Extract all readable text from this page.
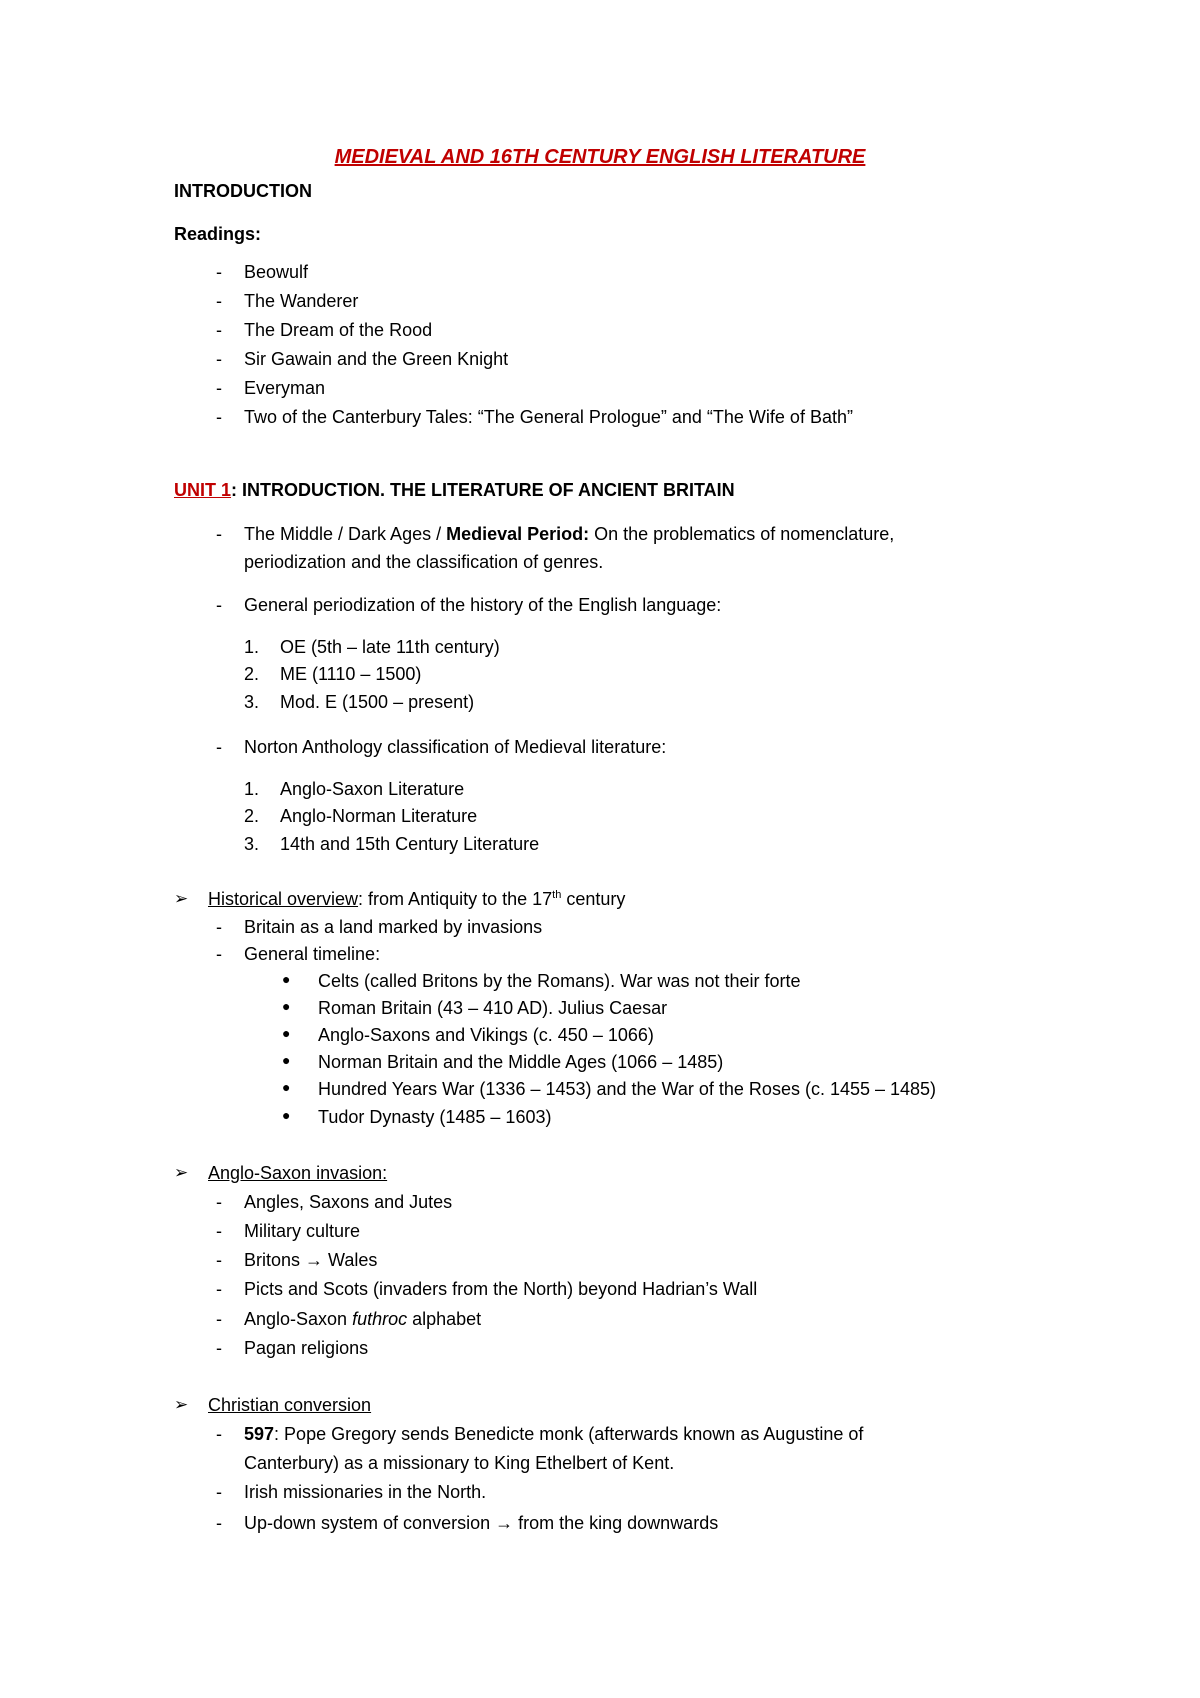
MEDIEVAL AND 16TH CENTURY ENGLISH LITERATURE
INTRODUCTION
Readings:
- Beowulf
- The Wanderer
- The Dream of the Rood
- Sir Gawain and the Green Knight
- Everyman
- Two of the Canterbury Tales: “The General Prologue” and “The Wife of Bath”
UNIT 1: INTRODUCTION. THE LITERATURE OF ANCIENT BRITAIN
- The Middle / Dark Ages / Medieval Period: On the problematics of nomenclature,
periodization and the classification of genres.
- General periodization of the history of the English language:
1. OE (5th – late 11th century)
2. ME (1110 – 1500)
3. Mod. E (1500 – present)
- Norton Anthology classification of Medieval literature:
1. Anglo-Saxon Literature
2. Anglo-Norman Literature
3. 14th and 15th Century Literature
➢ Historical overview: from Antiquity to the 17th century
- Britain as a land marked by invasions
- General timeline:
● Celts (called Britons by the Romans). War was not their forte
● Roman Britain (43 – 410 AD). Julius Caesar
● Anglo-Saxons and Vikings (c. 450 – 1066)
● Norman Britain and the Middle Ages (1066 – 1485)
● Hundred Years War (1336 – 1453) and the War of the Roses (c. 1455 – 1485)
● Tudor Dynasty (1485 – 1603)
➢ Anglo-Saxon invasion:
- Angles, Saxons and Jutes
- Military culture
- Britons → Wales
- Picts and Scots (invaders from the North) beyond Hadrian’s Wall
- Anglo-Saxon futhroc alphabet
- Pagan religions
➢ Christian conversion
- 597: Pope Gregory sends Benedicte monk (afterwards known as Augustine of
Canterbury) as a missionary to King Ethelbert of Kent.
- Irish missionaries in the North.
- Up-down system of conversion → from the king downwards
